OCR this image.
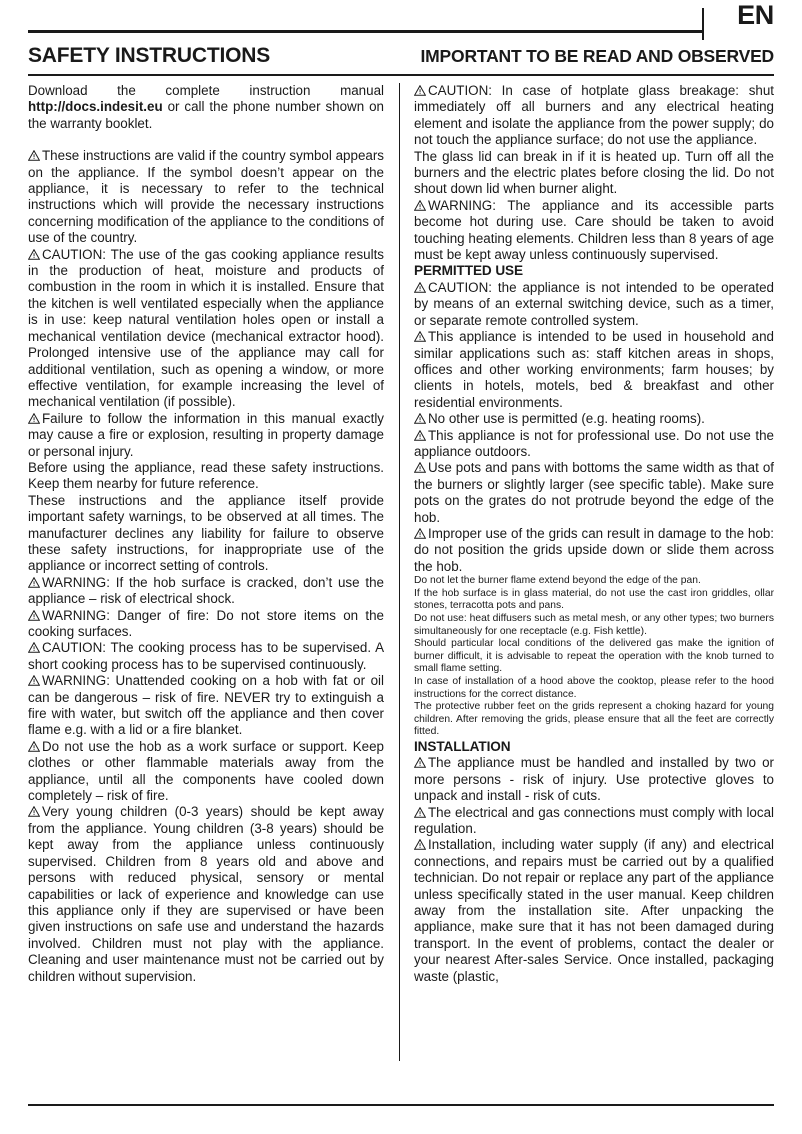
EN
SAFETY INSTRUCTIONS	IMPORTANT TO BE READ AND OBSERVED

Download the complete instruction manual http://docs.indesit.eu or call the phone number shown on the warranty booklet.

These instructions are valid if the country symbol appears on the appliance. If the symbol doesn’t appear on the appliance, it is necessary to refer to the technical instructions which will provide the necessary instructions concerning modification of the appliance to the conditions of use of the country.

CAUTION: The use of the gas cooking appliance results in the production of heat, moisture and products of combustion in the room in which it is installed. Ensure that the kitchen is well ventilated especially when the appliance is in use: keep natural ventilation holes open or install a mechanical ventilation device (mechanical extractor hood). Prolonged intensive use of the appliance may call for additional ventilation, such as opening a window, or more effective ventilation, for example increasing the level of mechanical ventilation (if possible).

Failure to follow the information in this manual exactly may cause a fire or explosion, resulting in property damage or personal injury.

Before using the appliance, read these safety instructions. Keep them nearby for future reference.

These instructions and the appliance itself provide important safety warnings, to be observed at all times. The manufacturer declines any liability for failure to observe these safety instructions, for inappropriate use of the appliance or incorrect setting of controls.

WARNING: If the hob surface is cracked, don’t use the appliance – risk of electrical shock.

WARNING: Danger of fire: Do not store items on the cooking surfaces.

CAUTION: The cooking process has to be supervised. A short cooking process has to be supervised continuously.

WARNING: Unattended cooking on a hob with fat or oil can be dangerous – risk of fire. NEVER try to extinguish a fire with water, but switch off the appliance and then cover flame e.g. with a lid or a fire blanket.

Do not use the hob as a work surface or support. Keep clothes or other flammable materials away from the appliance, until all the components have cooled down completely – risk of fire.

Very young children (0-3 years) should be kept away from the appliance. Young children (3-8 years) should be kept away from the appliance unless continuously supervised. Children from 8 years old and above and persons with reduced physical, sensory or mental capabilities or lack of experience and knowledge can use this appliance only if they are supervised or have been given instructions on safe use and understand the hazards involved. Children must not play with the appliance. Cleaning and user maintenance must not be carried out by children without supervision.

CAUTION: In case of hotplate glass breakage: shut immediately off all burners and any electrical heating element and isolate the appliance from the power supply; do not touch the appliance surface; do not use the appliance.

The glass lid can break in if it is heated up. Turn off all the burners and the electric plates before closing the lid. Do not shout down lid when burner alight.

WARNING: The appliance and its accessible parts become hot during use. Care should be taken to avoid touching heating elements. Children less than 8 years of age must be kept away unless continuously supervised.

PERMITTED USE

CAUTION: the appliance is not intended to be operated by means of an external switching device, such as a timer, or separate remote controlled system.

This appliance is intended to be used in household and similar applications such as: staff kitchen areas in shops, offices and other working environments; farm houses; by clients in hotels, motels, bed & breakfast and other residential environments.

No other use is permitted (e.g. heating rooms).

This appliance is not for professional use. Do not use the appliance outdoors.

Use pots and pans with bottoms the same width as that of the burners or slightly larger (see specific table). Make sure pots on the grates do not protrude beyond the edge of the hob.

Improper use of the grids can result in damage to the hob: do not position the grids upside down or slide them across the hob.

Do not let the burner flame extend beyond the edge of the pan.

If the hob surface is in glass material, do not use the cast iron griddles, ollar stones, terracotta pots and pans.

Do not use: heat diffusers such as metal mesh, or any other types; two burners simultaneously for one receptacle (e.g. Fish kettle).

Should particular local conditions of the delivered gas make the ignition of burner difficult, it is advisable to repeat the operation with the knob turned to small flame setting.

In case of installation of a hood above the cooktop, please refer to the hood instructions for the correct distance.

The protective rubber feet on the grids represent a choking hazard for young children. After removing the grids, please ensure that all the feet are correctly fitted.

INSTALLATION

The appliance must be handled and installed by two or more persons - risk of injury. Use protective gloves to unpack and install - risk of cuts.

The electrical and gas connections must comply with local regulation.

Installation, including water supply (if any) and electrical connections, and repairs must be carried out by a qualified technician. Do not repair or replace any part of the appliance unless specifically stated in the user manual. Keep children away from the installation site. After unpacking the appliance, make sure that it has not been damaged during transport. In the event of problems, contact the dealer or your nearest After-sales Service. Once installed, packaging waste (plastic,
